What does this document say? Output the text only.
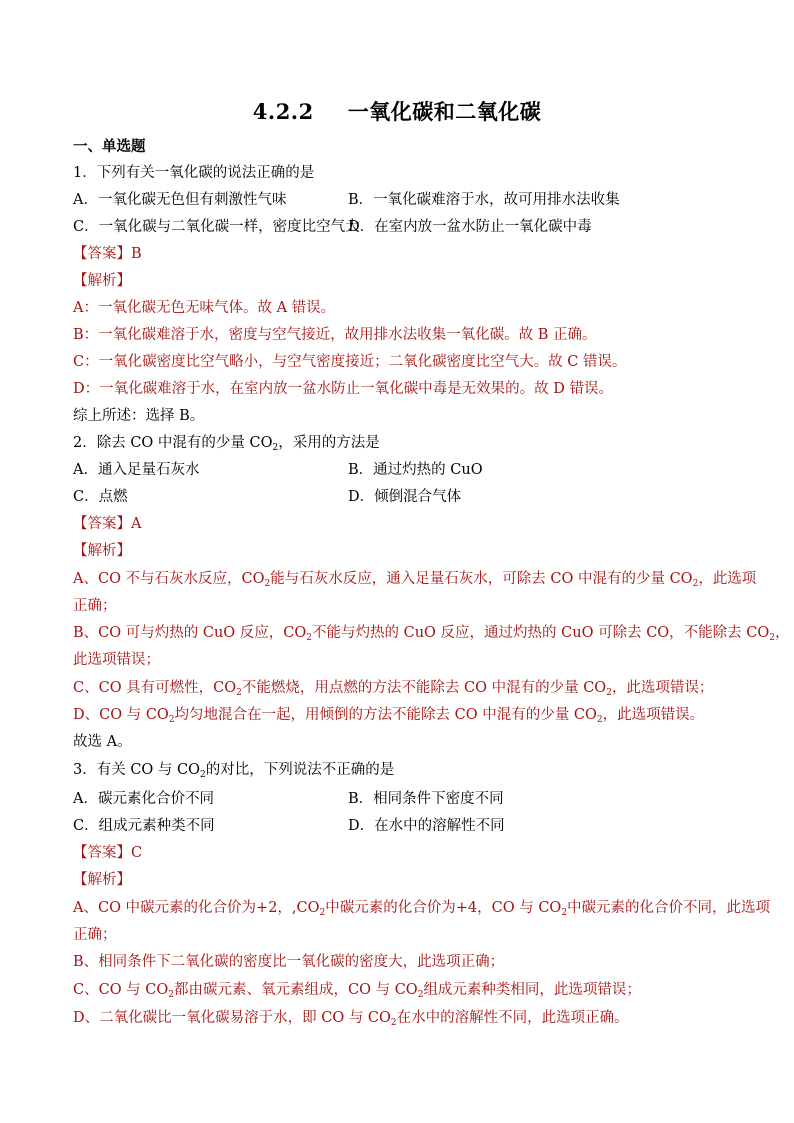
4.2.2 一氧化碳和二氧化碳
一、单选题
1．下列有关一氧化碳的说法正确的是
A．一氧化碳无色但有刺激性气味	B．一氧化碳难溶于水，故可用排水法收集
C．一氧化碳与二氧化碳一样，密度比空气大
D．在室内放一盆水防止一氧化碳中毒
【答案】B
【解析】
A：一氧化碳无色无味气体。故 A 错误。
B：一氧化碳难溶于水，密度与空气接近，故用排水法收集一氧化碳。故 B 正确。
C：一氧化碳密度比空气略小，与空气密度接近；二氧化碳密度比空气大。故 C 错误。
D：一氧化碳难溶于水，在室内放一盆水防止一氧化碳中毒是无效果的。故 D 错误。
综上所述：选择 B。
2．除去 CO 中混有的少量 $CO_2$，采用的方法是
A．通入足量石灰水	B．通过灼热的 CuO
C．点燃	D．倾倒混合气体
【答案】A
【解析】
A、CO 不与石灰水反应，$CO_2$能与石灰水反应，通入足量石灰水，可除去 CO 中混有的少量 $CO_2$，此选项
正确；
B、CO 可与灼热的 CuO 反应，$CO_2$不能与灼热的 CuO 反应，通过灼热的 CuO 可除去 CO，不能除去 $CO_2$，
此选项错误；
C、CO 具有可燃性，$CO_2$不能燃烧，用点燃的方法不能除去 CO 中混有的少量 $CO_2$，此选项错误；
D、CO 与 $CO_2$均匀地混合在一起，用倾倒的方法不能除去 CO 中混有的少量 $CO_2$，此选项错误。
故选 A。
3．有关 CO 与 $CO_2$的对比，下列说法不正确的是
A．碳元素化合价不同	B．相同条件下密度不同
C．组成元素种类不同	D．在水中的溶解性不同
【答案】C
【解析】
A、CO 中碳元素的化合价为+2，$,CO_2$中碳元素的化合价为+4，CO 与 $CO_2$中碳元素的化合价不同，此选项
正确；
B、相同条件下二氧化碳的密度比一氧化碳的密度大，此选项正确；
C、CO 与 $CO_2$都由碳元素、氧元素组成，CO 与 $CO_2$组成元素种类相同，此选项错误；
D、二氧化碳比一氧化碳易溶于水，即 CO 与 $CO_2$在水中的溶解性不同，此选项正确。
